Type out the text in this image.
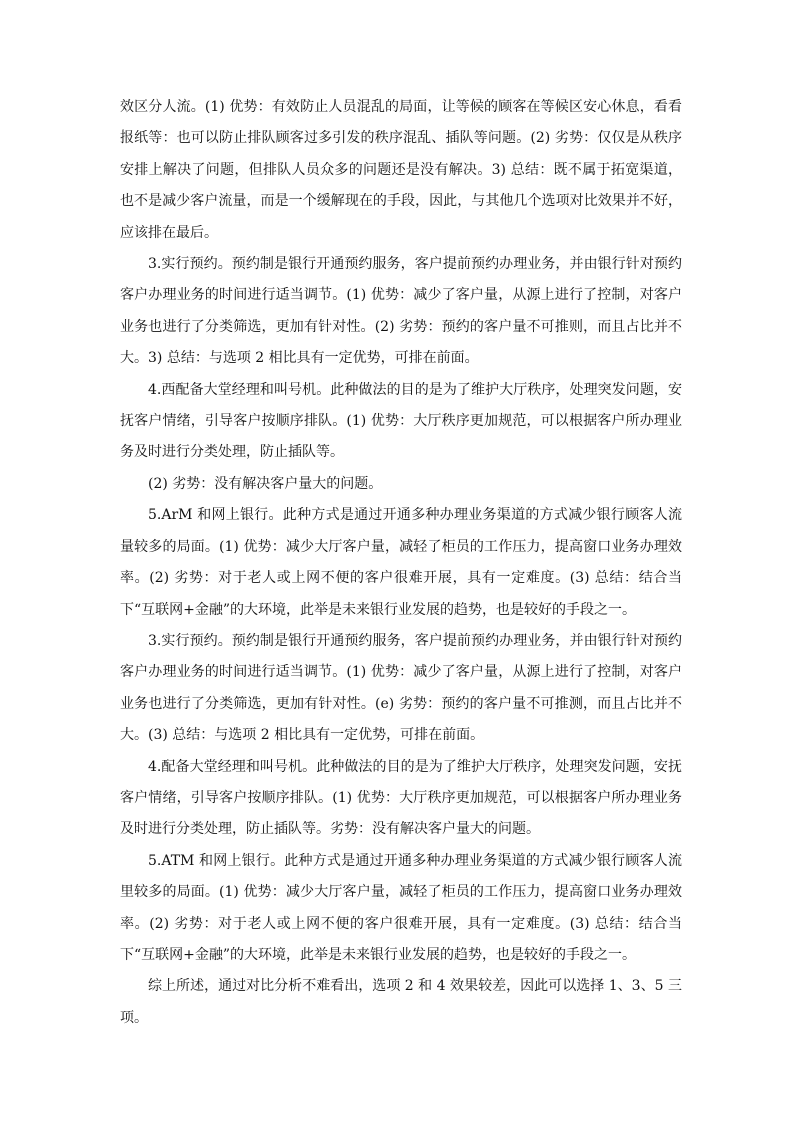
效区分人流。(1) 优势：有效防止人员混乱的局面，让等候的顾客在等候区安心休息，看看报纸等：也可以防止排队顾客过多引发的秩序混乱、插队等问题。(2) 劣势：仅仅是从秩序安排上解决了问题，但排队人员众多的问题还是没有解决。3) 总结：既不属于拓宽渠道，也不是减少客户流量，而是一个缓解现在的手段，因此，与其他几个选项对比效果并不好，应该排在最后。

3.实行预约。预约制是银行开通预约服务，客户提前预约办理业务，并由银行针对预约客户办理业务的时间进行适当调节。(1) 优势：减少了客户量，从源上进行了控制，对客户业务也进行了分类筛选，更加有针对性。(2) 劣势：预约的客户量不可推则，而且占比并不大。3) 总结：与选项 2 相比具有一定优势，可排在前面。

4.西配备大堂经理和叫号机。此种做法的目的是为了维护大厅秩序，处理突发问题，安抚客户情绪，引导客户按顺序排队。(1) 优势：大厅秩序更加规范，可以根据客户所办理业务及时进行分类处理，防止插队等。

(2) 劣势：没有解决客户量大的问题。

5.ArM 和网上银行。此种方式是通过开通多种办理业务渠道的方式减少银行顾客人流量较多的局面。(1) 优势：减少大厅客户量，减轻了柜员的工作压力，提高窗口业务办理效率。(2) 劣势：对于老人或上网不便的客户很难开展，具有一定难度。(3) 总结：结合当下“互联网+金融”的大环境，此举是未来银行业发展的趋势，也是较好的手段之一。

3.实行预约。预约制是银行开通预约服务，客户提前预约办理业务，并由银行针对预约客户办理业务的时间进行适当调节。(1) 优势：减少了客户量，从源上进行了控制，对客户业务也进行了分类筛选，更加有针对性。(e) 劣势：预约的客户量不可推测，而且占比并不大。(3) 总结：与选项 2 相比具有一定优势，可排在前面。

4.配备大堂经理和叫号机。此种做法的目的是为了维护大厅秩序，处理突发问题，安抚客户情绪，引导客户按顺序排队。(1) 优势：大厅秩序更加规范，可以根据客户所办理业务及时进行分类处理，防止插队等。劣势：没有解决客户量大的问题。

5.ATM 和网上银行。此种方式是通过开通多种办理业务渠道的方式减少银行顾客人流里较多的局面。(1) 优势：减少大厅客户量，减轻了柜员的工作压力，提高窗口业务办理效率。(2) 劣势：对于老人或上网不便的客户很难开展，具有一定难度。(3) 总结：结合当下“互联网+金融”的大环境，此举是未来银行业发展的趋势，也是较好的手段之一。

综上所述，通过对比分析不难看出，选项 2 和 4 效果较差，因此可以选择 1、3、5 三项。
